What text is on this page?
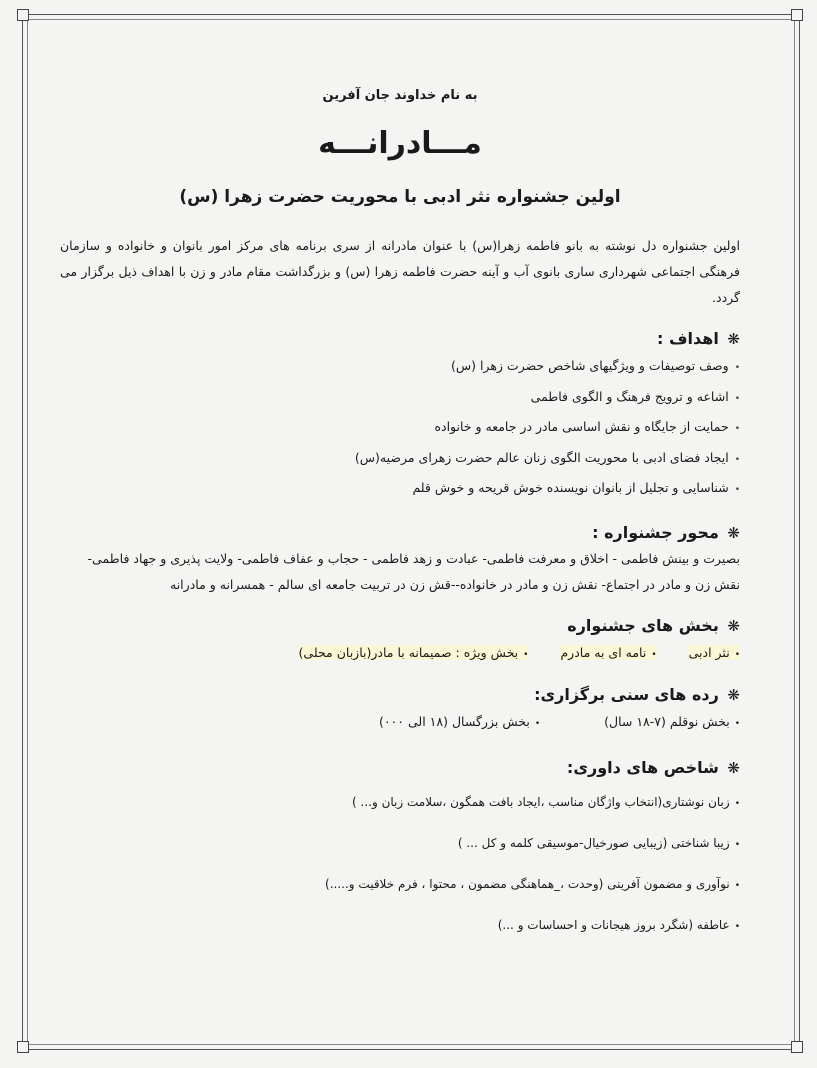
به نام خداوند جان آفرین
مـــادرانـــه
اولین جشنواره نثر ادبی با محوریت حضرت زهرا (س)

اولین جشنواره دل نوشته به بانو فاطمه زهرا(س) با عنوان مادرانه از سری برنامه های مرکز امور بانوان و خانواده و سازمان فرهنگی اجتماعی شهرداری ساری بانوی آب و آینه حضرت فاطمه زهرا (س) و بزرگداشت مقام مادر و زن با اهداف ذیل برگزار می گردد.

❋ اهداف :
• وصف توصیفات و ویژگیهای شاخص حضرت زهرا (س)
• اشاعه و ترویج فرهنگ و الگوی فاطمی
• حمایت از جایگاه و نقش اساسی مادر در جامعه و خانواده
• ایجاد فضای ادبی با محوریت الگوی زنان عالم حضرت زهرای مرضیه(س)
• شناسایی و تجلیل از بانوان نویسنده خوش قریحه و خوش قلم
❋ محور جشنواره :

بصیرت و بینش فاطمی - اخلاق و معرفت فاطمی- عبادت و زهد فاطمی - حجاب و عفاف فاطمی- ولایت پذیری و جهاد فاطمی- نقش زن و مادر در اجتماع- نقش زن و مادر در خانواده--قش زن در تربیت جامعه ای سالم - همسرانه و مادرانه

❋ بخش های جشنواره
• نثر ادبی • نامه ای به مادرم • بخش ویژه : صمیمانه با مادر(بازبان محلی)
❋ رده های سنی برگزاری:
• بخش نوقلم (۷-۱۸ سال) • بخش بزرگسال (۱۸ الی ۰۰۰)
❋ شاخص های داوری:
• زبان نوشتاری(انتخاب واژگان مناسب ،ایجاد بافت همگون ،سلامت زبان و... )
• زیبا شناختی (زیبایی صورخیال-موسیقی کلمه و کل ... )
• نوآوری و مضمون آفرینی (وحدت ،_هماهنگی مضمون ، محتوا ، فرم خلاقیت و.....)
• عاطفه (شگرد بروز هیجانات و احساسات و ...)
